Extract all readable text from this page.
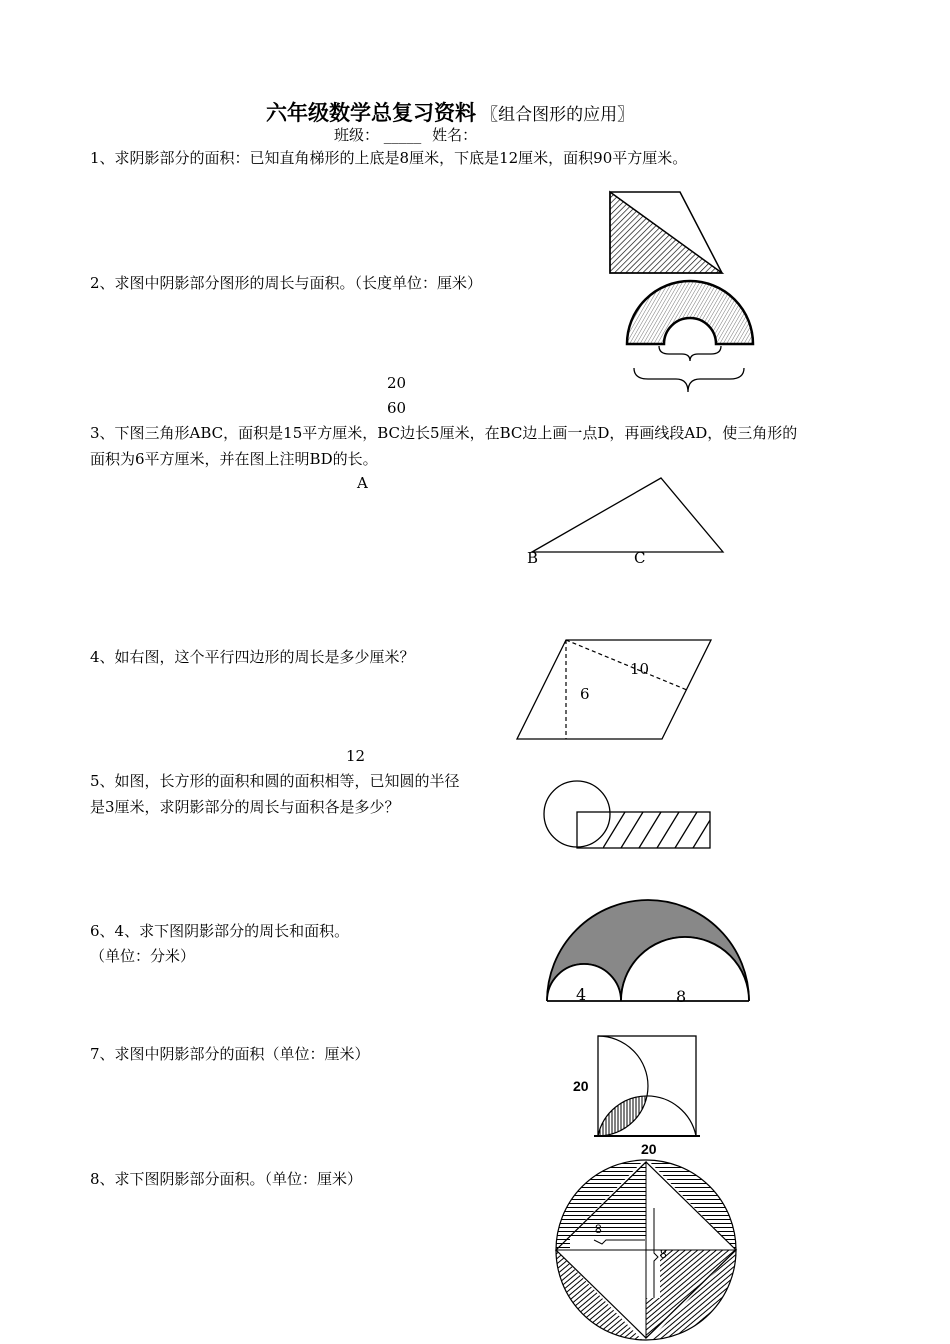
六年级数学总复习资料 〖组合图形的应用〗
班级： _____ 姓名：
1、求阴影部分的面积：已知直角梯形的上底是8厘米，下底是12厘米，面积90平方厘米。
2、求图中阴影部分图形的周长与面积。（长度单位：厘米）
20
60
3、下图三角形ABC，面积是15平方厘米，BC边长5厘米，在BC边上画一点D，再画线段AD，使三角形的
面积为6平方厘米，并在图上注明BD的长。
A
B	C
4、如右图，这个平行四边形的周长是多少厘米？
10
6
12
5、如图，长方形的面积和圆的面积相等，已知圆的半径
是3厘米，求阴影部分的周长与面积各是多少？
6、4、求下图阴影部分的周长和面积。
（单位：分米）
4	8
7、求图中阴影部分的面积（单位：厘米）
20
20
8、求下图阴影部分面积。（单位：厘米）
8
8
